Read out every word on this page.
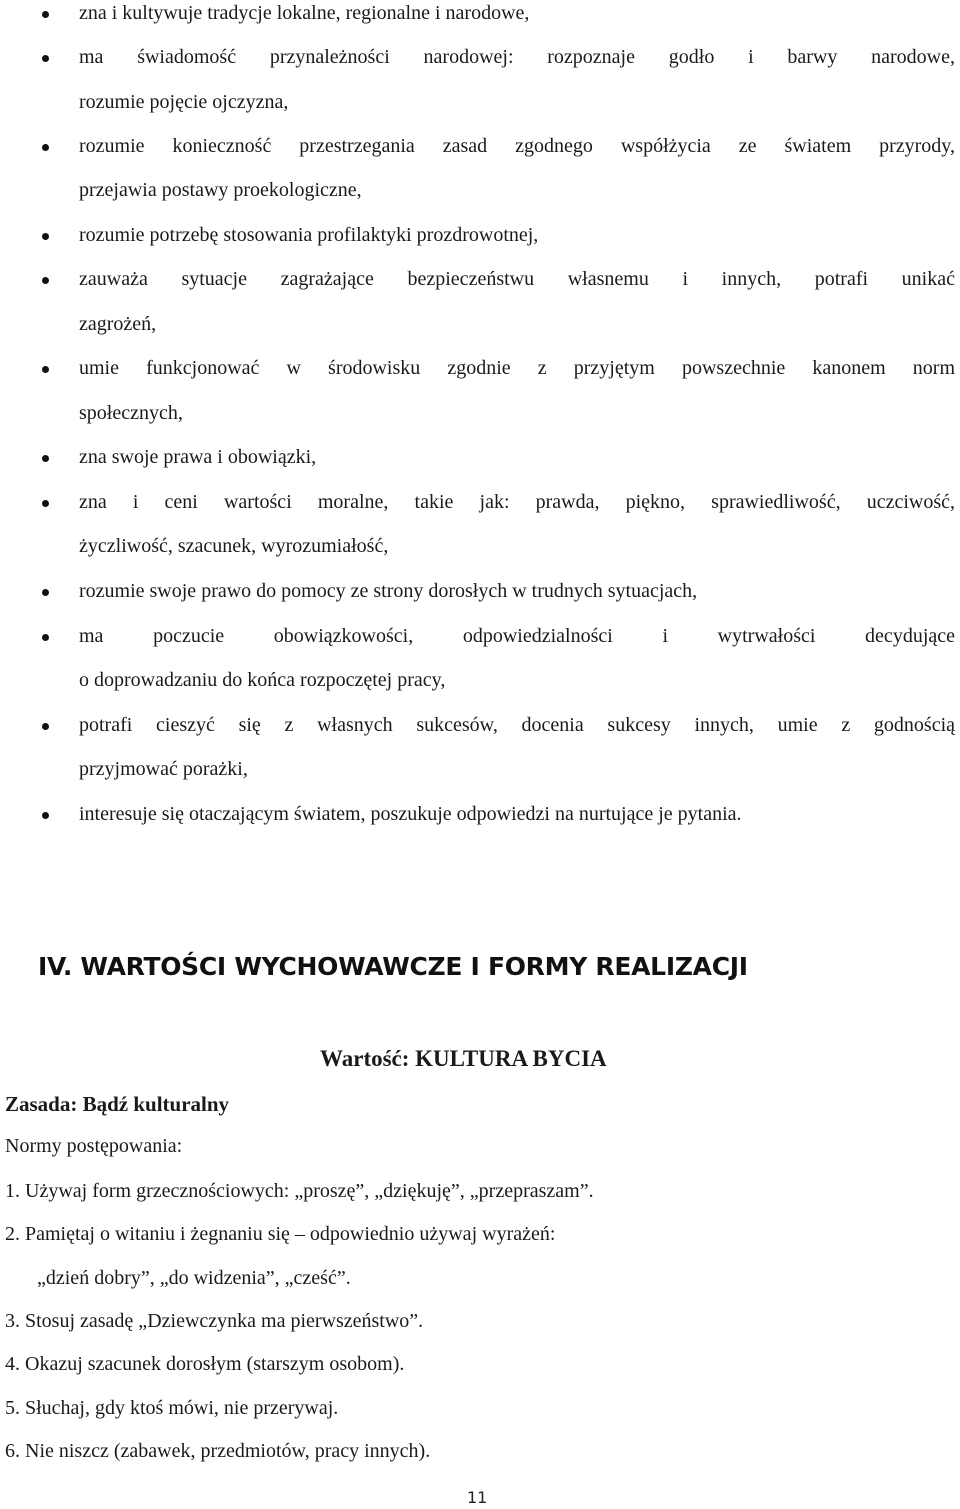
zna i kultywuje tradycje lokalne, regionalne i narodowe,
ma świadomość przynależności narodowej: rozpoznaje godło i barwy narodowe,
rozumie pojęcie ojczyzna,
rozumie konieczność przestrzegania zasad zgodnego współżycia ze światem przyrody,
przejawia postawy proekologiczne,
rozumie potrzebę stosowania profilaktyki prozdrowotnej,
zauważa sytuacje zagrażające bezpieczeństwu własnemu i innych, potrafi unikać
zagrożeń,
umie funkcjonować w środowisku zgodnie z przyjętym powszechnie kanonem norm
społecznych,
zna swoje prawa i obowiązki,
zna i ceni wartości moralne, takie jak: prawda, piękno, sprawiedliwość, uczciwość,
życzliwość, szacunek, wyrozumiałość,
rozumie swoje prawo do pomocy ze strony dorosłych w trudnych sytuacjach,
ma poczucie obowiązkowości, odpowiedzialności i wytrwałości decydujące
o doprowadzaniu do końca rozpoczętej pracy,
potrafi cieszyć się z własnych sukcesów, docenia sukcesy innych, umie z godnością
przyjmować porażki,
interesuje się otaczającym światem, poszukuje odpowiedzi na nurtujące je pytania.
IV. WARTOŚCI WYCHOWAWCZE I FORMY REALIZACJI
Wartość: KULTURA BYCIA
Zasada: Bądź kulturalny
Normy postępowania:
1. Używaj form grzecznościowych: „proszę”, „dziękuję”, „przepraszam”.
2. Pamiętaj o witaniu i żegnaniu się – odpowiednio używaj wyrażeń:
„dzień dobry”, „do widzenia”, „cześć”.
3. Stosuj zasadę „Dziewczynka ma pierwszeństwo”.
4. Okazuj szacunek dorosłym (starszym osobom).
5. Słuchaj, gdy ktoś mówi, nie przerywaj.
6. Nie niszcz (zabawek, przedmiotów, pracy innych).
11
